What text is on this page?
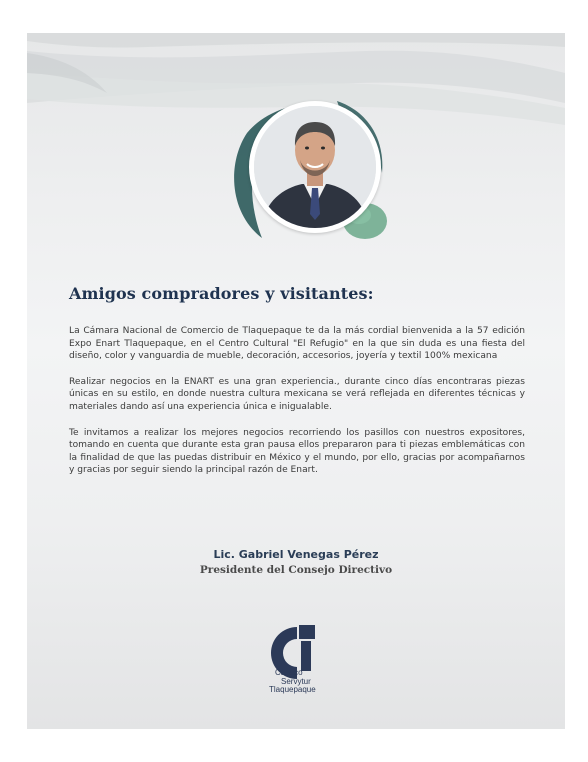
Amigos compradores y visitantes:

La Cámara Nacional de Comercio de Tlaquepaque te da la más cordial bienvenida a la 57 edición Expo Enart Tlaquepaque, en el Centro Cultural "El Refugio" en la que sin duda es una fiesta del diseño, color y vanguardia de mueble, decoración, accesorios, joyería y textil 100% mexicana

Realizar negocios en la ENART es una gran experiencia., durante cinco días encontraras piezas únicas en su estilo, en donde nuestra cultura mexicana se verá reflejada en diferentes técnicas y materiales dando así una experiencia única e inigualable.

Te invitamos a realizar los mejores negocios recorriendo los pasillos con nuestros expositores, tomando en cuenta que durante esta gran pausa ellos prepararon para ti piezas emblemáticas con la finalidad de que las puedas distribuir en México y el mundo, por ello, gracias por acompañarnos y gracias por seguir siendo la principal razón de Enart.

Lic. Gabriel Venegas Pérez
Presidente del Consejo Directivo
Canaco
Servytur
Tlaquepaque
